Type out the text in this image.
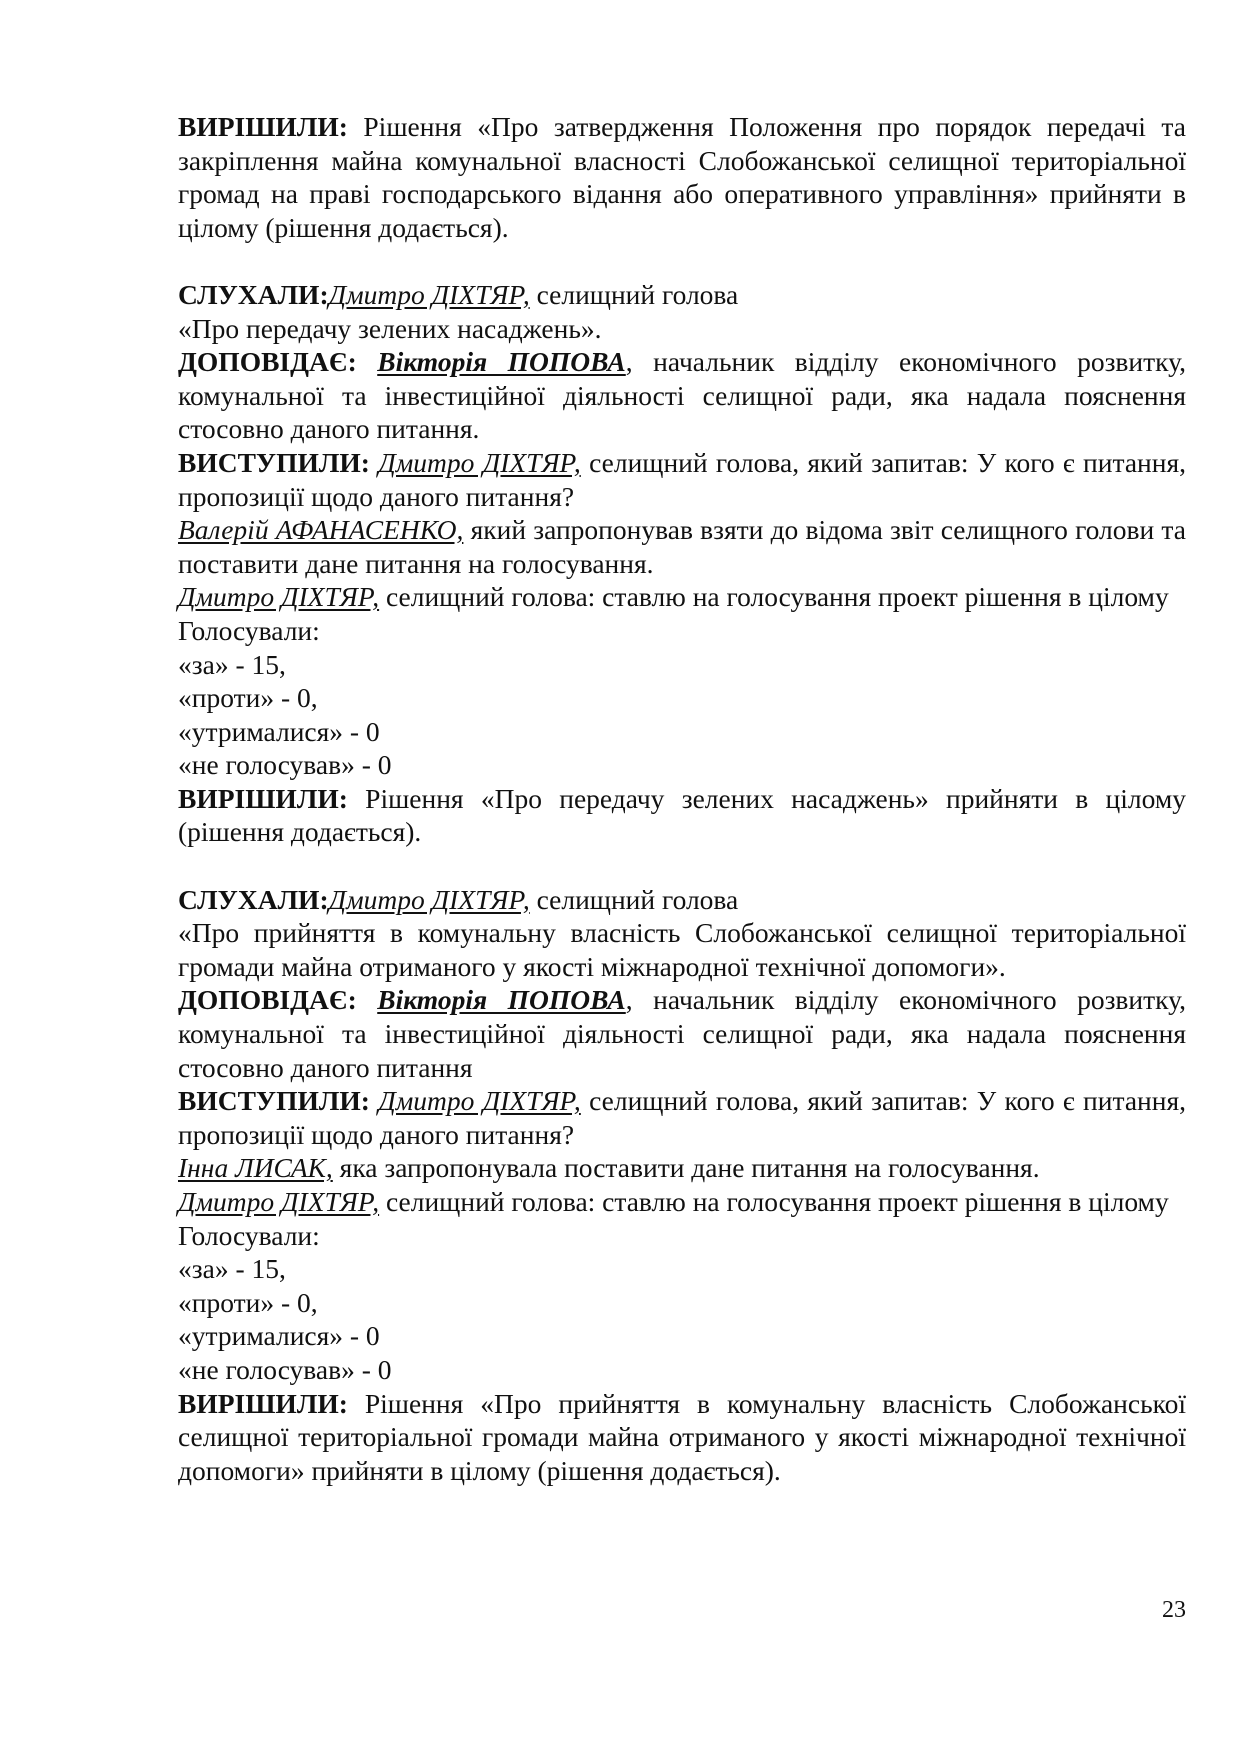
ВИРІШИЛИ: Рішення «Про затвердження Положення про порядок передачі та закріплення майна комунальної власності Слобожанської селищної територіальної громад на праві господарського відання або оперативного управління» прийняти в цілому (рішення додається).

СЛУХАЛИ:Дмитро ДІХТЯР, селищний голова

«Про передачу зелених насаджень».

ДОПОВІДАЄ: Вікторія ПОПОВА, начальник відділу економічного розвитку, комунальної та інвестиційної діяльності селищної ради, яка надала пояснення стосовно даного питання.

ВИСТУПИЛИ: Дмитро ДІХТЯР, селищний голова, який запитав: У кого є питання, пропозиції щодо даного питання?

Валерій АФАНАСЕНКО, який запропонував взяти до відома звіт селищного голови та поставити дане питання на голосування.

Дмитро ДІХТЯР, селищний голова: ставлю на голосування проект рішення в цілому

Голосували:

«за» - 15,

«проти» - 0,

«утрималися» - 0

«не голосував» - 0

ВИРІШИЛИ: Рішення «Про передачу зелених насаджень» прийняти в цілому (рішення додається).

СЛУХАЛИ:Дмитро ДІХТЯР, селищний голова

«Про прийняття в комунальну власність Слобожанської селищної територіальної громади майна отриманого у якості міжнародної технічної допомоги».

ДОПОВІДАЄ: Вікторія ПОПОВА, начальник відділу економічного розвитку, комунальної та інвестиційної діяльності селищної ради, яка надала пояснення стосовно даного питання

ВИСТУПИЛИ: Дмитро ДІХТЯР, селищний голова, який запитав: У кого є питання, пропозиції щодо даного питання?

Інна ЛИСАК, яка запропонувала поставити дане питання на голосування.

Дмитро ДІХТЯР, селищний голова: ставлю на голосування проект рішення в цілому

Голосували:

«за» - 15,

«проти» - 0,

«утрималися» - 0

«не голосував» - 0

ВИРІШИЛИ: Рішення «Про прийняття в комунальну власність Слобожанської селищної територіальної громади майна отриманого у якості міжнародної технічної допомоги» прийняти в цілому (рішення додається).

23
